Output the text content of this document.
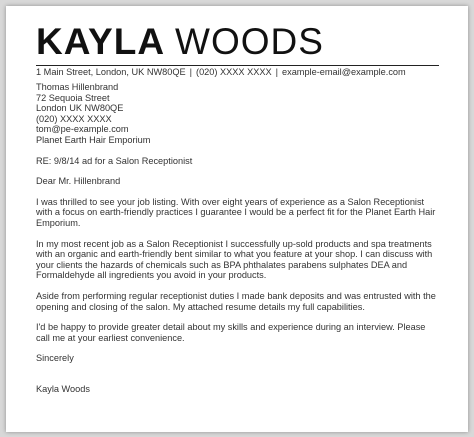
KAYLA WOODS
1 Main Street, London, UK NW80QE | (020) XXXX XXXX | example-email@example.com

Thomas Hillenbrand

72 Sequoia Street

London UK NW80QE

(020) XXXX XXXX

tom@pe-example.com

Planet Earth Hair Emporium

RE: 9/8/14 ad for a Salon Receptionist

Dear Mr. Hillenbrand

I was thrilled to see your job listing. With over eight years of experience as a Salon Receptionist with a focus on earth-friendly practices I guarantee I would be a perfect fit for the Planet Earth Hair Emporium.

In my most recent job as a Salon Receptionist I successfully up-sold products and spa treatments with an organic and earth-friendly bent similar to what you feature at your shop. I can discuss with your clients the hazards of chemicals such as BPA phthalates parabens sulphates DEA and Formaldehyde all ingredients you avoid in your products.

Aside from performing regular receptionist duties I made bank deposits and was entrusted with the opening and closing of the salon. My attached resume details my full capabilities.

I'd be happy to provide greater detail about my skills and experience during an interview. Please call me at your earliest convenience.

Sincerely

Kayla Woods
